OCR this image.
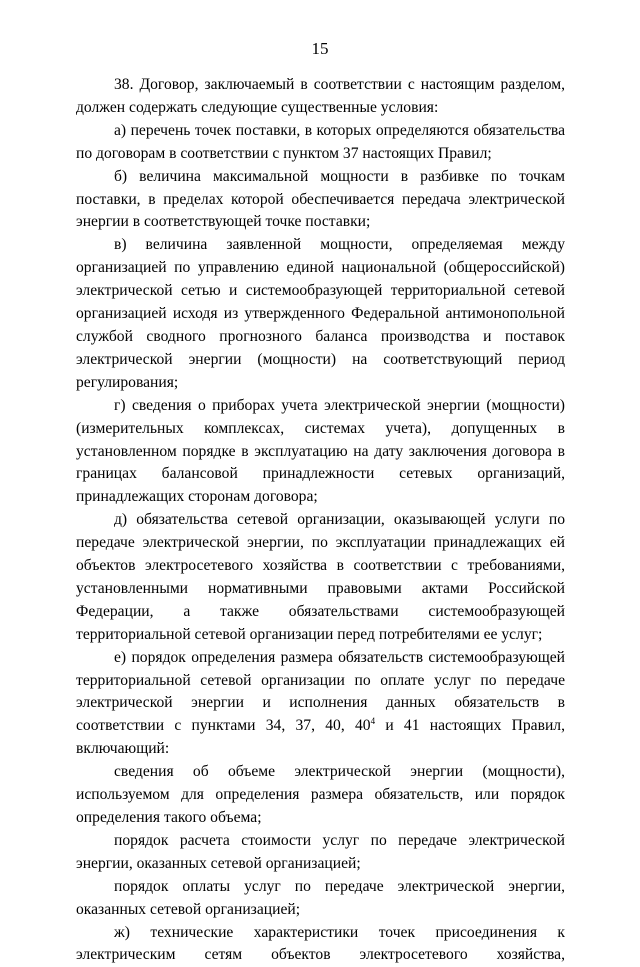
15

38. Договор, заключаемый в соответствии с настоящим разделом, должен содержать следующие существенные условия:

а) перечень точек поставки, в которых определяются обязательства по договорам в соответствии с пунктом 37 настоящих Правил;

б) величина максимальной мощности в разбивке по точкам поставки, в пределах которой обеспечивается передача электрической энергии в соответствующей точке поставки;

в) величина заявленной мощности, определяемая между организацией по управлению единой национальной (общероссийской) электрической сетью и системообразующей территориальной сетевой организацией исходя из утвержденного Федеральной антимонопольной службой сводного прогнозного баланса производства и поставок электрической энергии (мощности) на соответствующий период регулирования;

г) сведения о приборах учета электрической энергии (мощности) (измерительных комплексах, системах учета), допущенных в установленном порядке в эксплуатацию на дату заключения договора в границах балансовой принадлежности сетевых организаций, принадлежащих сторонам договора;

д) обязательства сетевой организации, оказывающей услуги по передаче электрической энергии, по эксплуатации принадлежащих ей объектов электросетевого хозяйства в соответствии с требованиями, установленными нормативными правовыми актами Российской Федерации, а также обязательствами системообразующей территориальной сетевой организации перед потребителями ее услуг;

е) порядок определения размера обязательств системообразующей территориальной сетевой организации по оплате услуг по передаче электрической энергии и исполнения данных обязательств в соответствии с пунктами 34, 37, 40, $40^4$ и 41 настоящих Правил, включающий:

сведения об объеме электрической энергии (мощности), используемом для определения размера обязательств, или порядок определения такого объема;

порядок расчета стоимости услуг по передаче электрической энергии, оказанных сетевой организацией;

порядок оплаты услуг по передаче электрической энергии, оказанных сетевой организацией;

ж) технические характеристики точек присоединения к электрическим сетям объектов электросетевого хозяйства,
